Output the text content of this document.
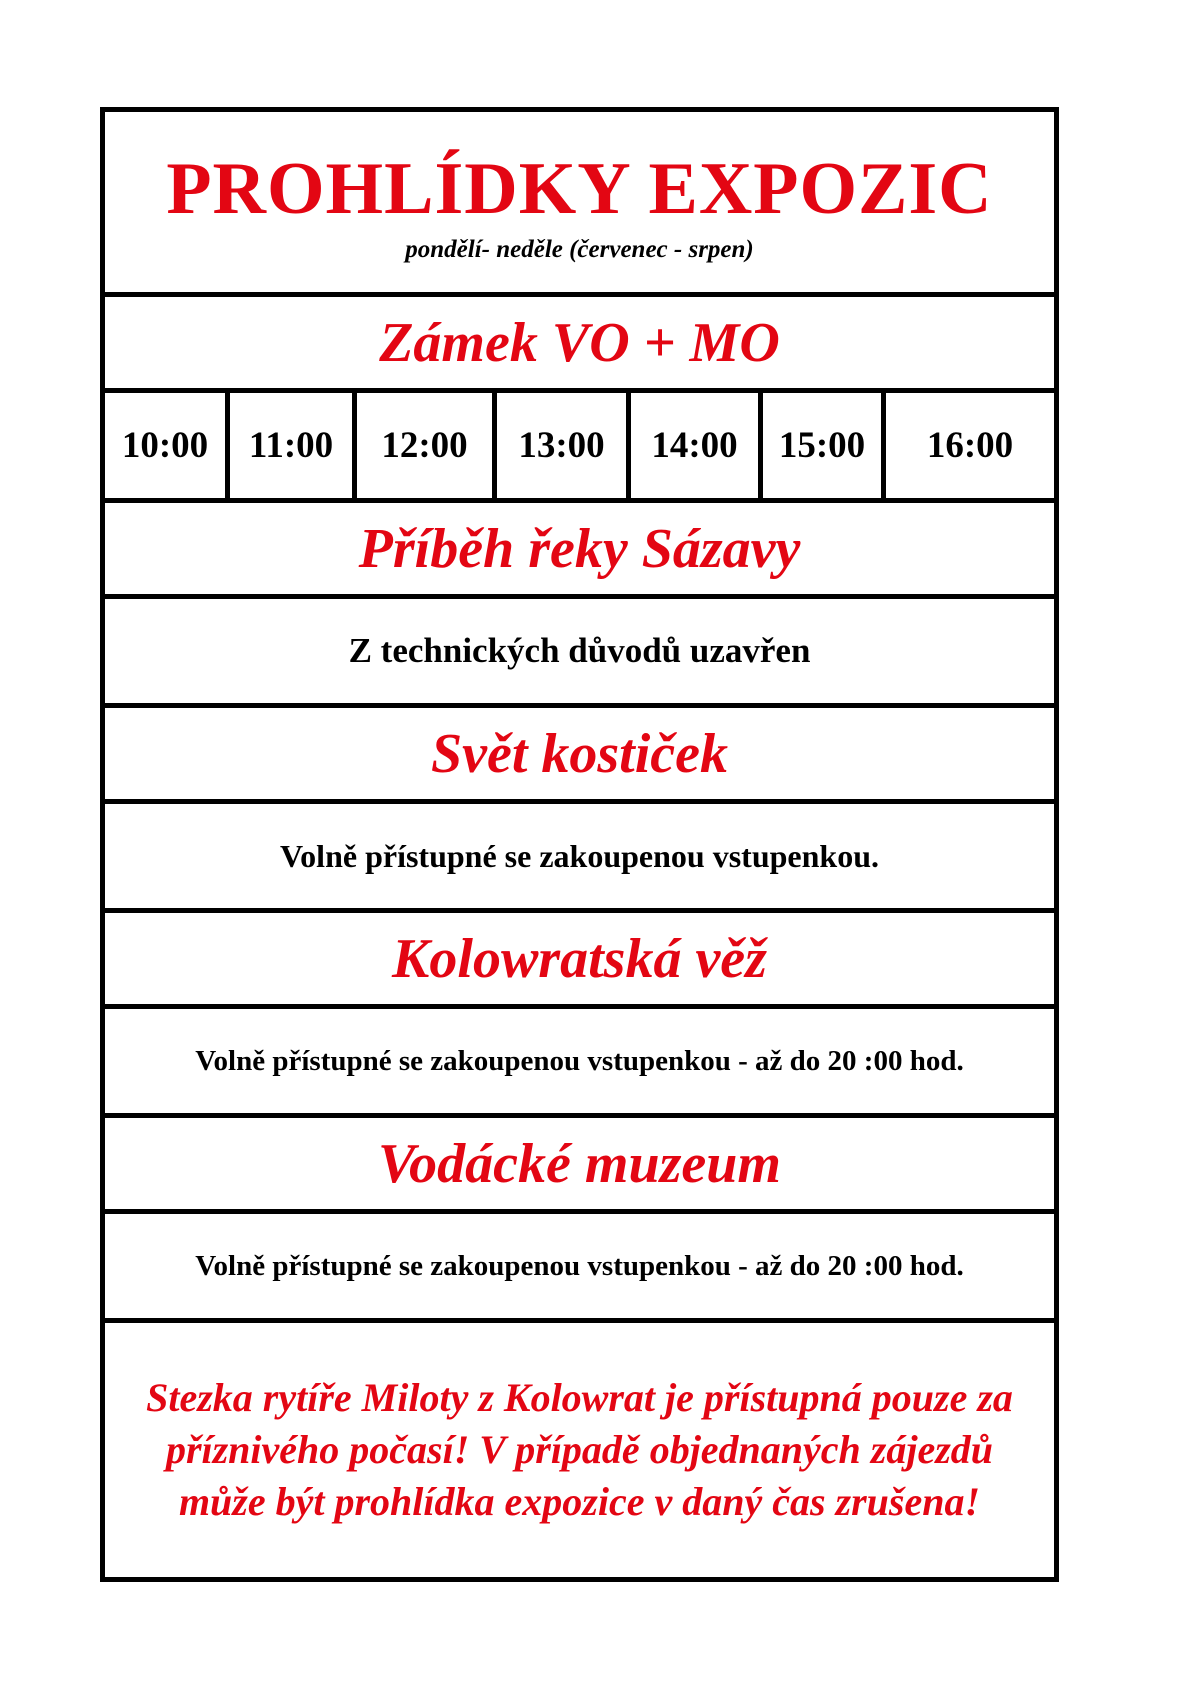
PROHLÍDKY EXPOZIC
pondělí- neděle (červenec - srpen)
Zámek VO + MO
10:00	11:00	12:00	13:00	14:00	15:00	16:00
Příběh řeky Sázavy
Z technických důvodů uzavřen
Svět kostiček
Volně přístupné se zakoupenou vstupenkou.
Kolowratská věž
Volně přístupné se zakoupenou vstupenkou - až do 20 :00 hod.
Vodácké muzeum
Volně přístupné se zakoupenou vstupenkou - až do 20 :00 hod.
Stezka rytíře Miloty z Kolowrat je přístupná pouze za příznivého počasí! V případě objednaných zájezdů může být prohlídka expozice v daný čas zrušena!
